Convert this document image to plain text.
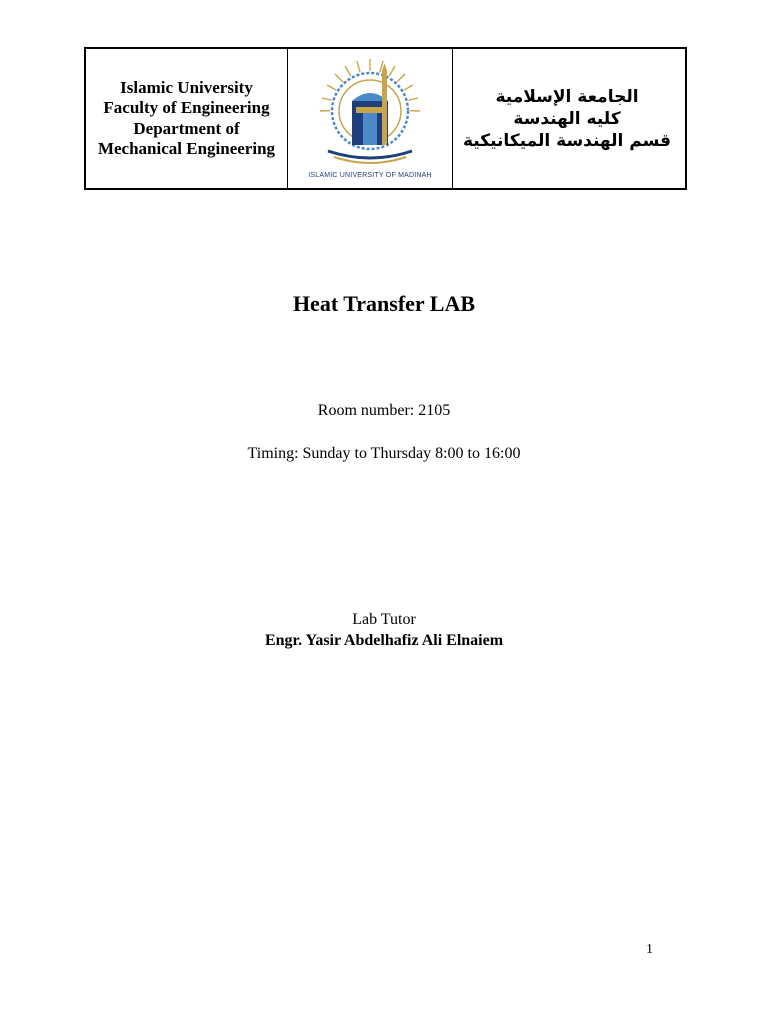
Islamic University
Faculty of Engineering
Department of
Mechanical Engineering

ISLAMIC UNIVERSITY OF MADINAH

الجامعة الإسلامية
كليه الهندسة
قسم الهندسة الميكانيكية
Heat Transfer LAB
Room number: 2105
Timing: Sunday to Thursday 8:00 to 16:00
Lab Tutor
Engr. Yasir Abdelhafiz Ali Elnaiem
1
